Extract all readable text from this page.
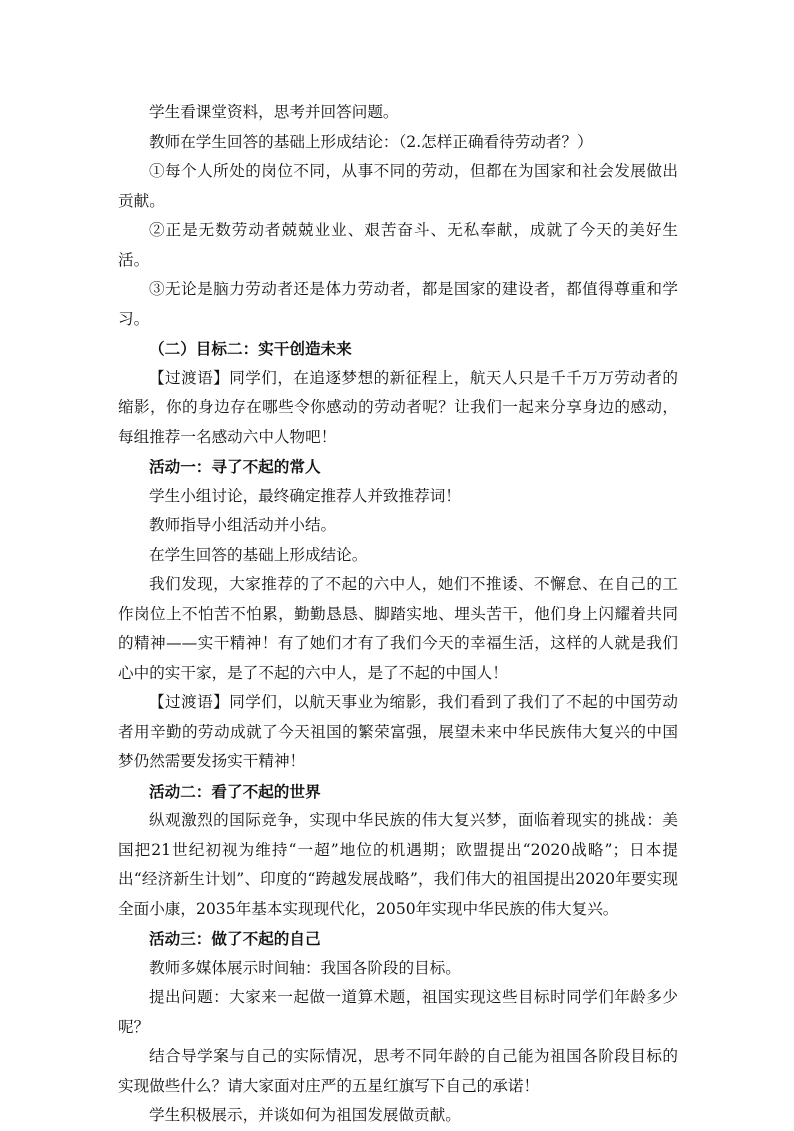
学生看课堂资料，思考并回答问题。

教师在学生回答的基础上形成结论：（2.怎样正确看待劳动者？）

①每个人所处的岗位不同，从事不同的劳动，但都在为国家和社会发展做出贡献。

②正是无数劳动者兢兢业业、艰苦奋斗、无私奉献，成就了今天的美好生活。

③无论是脑力劳动者还是体力劳动者，都是国家的建设者，都值得尊重和学习。

（二）目标二：实干创造未来

【过渡语】同学们，在追逐梦想的新征程上，航天人只是千千万万劳动者的缩影，你的身边存在哪些令你感动的劳动者呢？让我们一起来分享身边的感动，每组推荐一名感动六中人物吧！

活动一：寻了不起的常人

学生小组讨论，最终确定推荐人并致推荐词！

教师指导小组活动并小结。

在学生回答的基础上形成结论。

我们发现，大家推荐的了不起的六中人，她们不推诿、不懈怠、在自己的工作岗位上不怕苦不怕累，勤勤恳恳、脚踏实地、埋头苦干，他们身上闪耀着共同的精神——实干精神！有了她们才有了我们今天的幸福生活，这样的人就是我们心中的实干家，是了不起的六中人，是了不起的中国人！

【过渡语】同学们，以航天事业为缩影，我们看到了我们了不起的中国劳动者用辛勤的劳动成就了今天祖国的繁荣富强，展望未来中华民族伟大复兴的中国梦仍然需要发扬实干精神！

活动二：看了不起的世界

纵观激烈的国际竞争，实现中华民族的伟大复兴梦，面临着现实的挑战：美国把21世纪初视为维持“一超”地位的机遇期；欧盟提出“2020战略”；日本提出“经济新生计划”、印度的“跨越发展战略”，我们伟大的祖国提出2020年要实现全面小康，2035年基本实现现代化，2050年实现中华民族的伟大复兴。

活动三：做了不起的自己

教师多媒体展示时间轴：我国各阶段的目标。

提出问题：大家来一起做一道算术题，祖国实现这些目标时同学们年龄多少呢？

结合导学案与自己的实际情况，思考不同年龄的自己能为祖国各阶段目标的实现做些什么？请大家面对庄严的五星红旗写下自己的承诺！

学生积极展示，并谈如何为祖国发展做贡献。
